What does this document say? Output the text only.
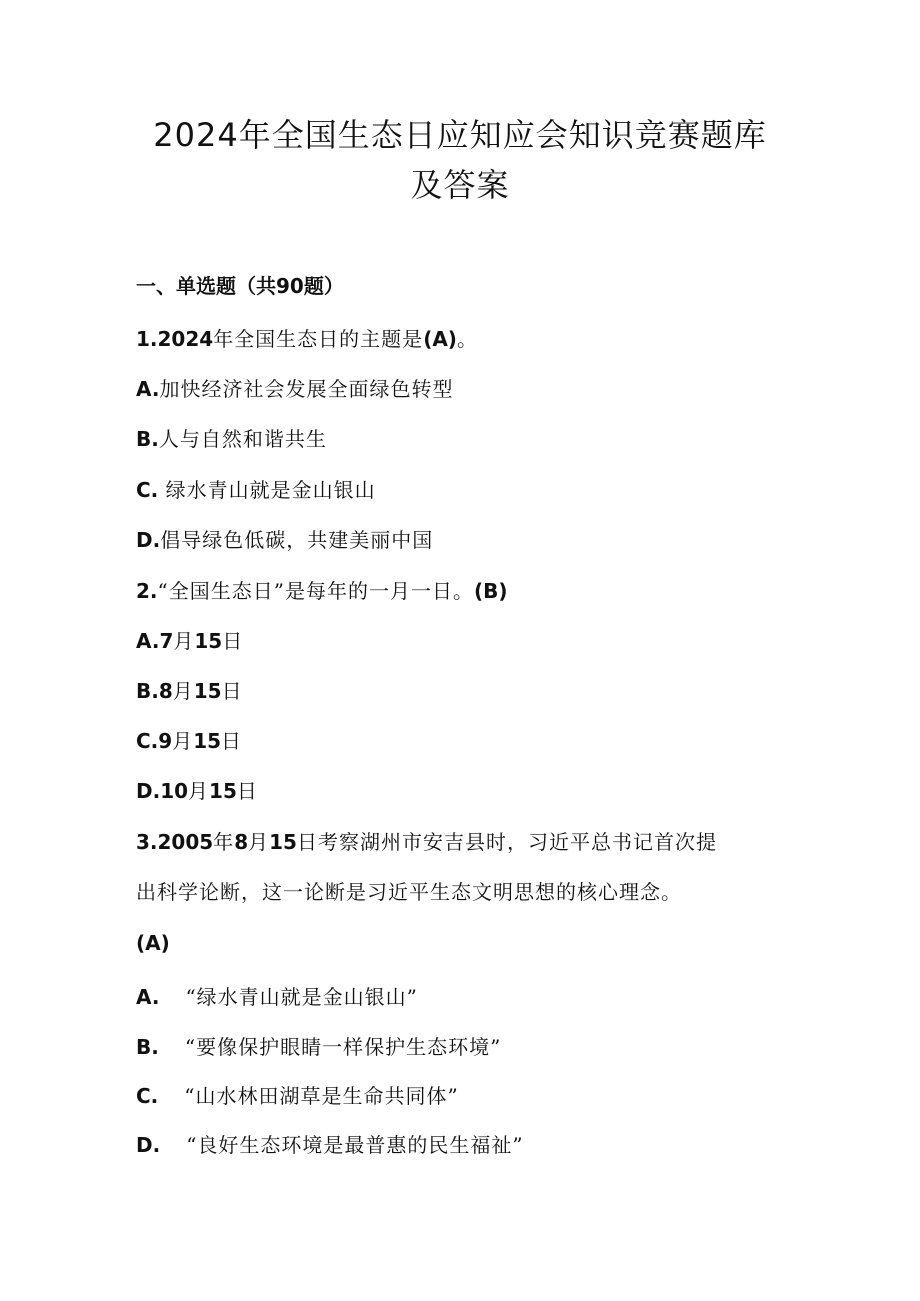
2024年全国生态日应知应会知识竞赛题库
及答案
一、单选题（共90题）
1.2024年全国生态日的主题是(A)。
A.加快经济社会发展全面绿色转型
B.人与自然和谐共生
C. 绿水青山就是金山银山
D.倡导绿色低碳，共建美丽中国
2.“全国生态日”是每年的一月一日。(B)
A.7月15日
B.8月15日
C.9月15日
D.10月15日
3.2005年8月15日考察湖州市安吉县时，习近平总书记首次提
出科学论断，这一论断是习近平生态文明思想的核心理念。
(A)
A. “绿水青山就是金山银山”
B. “要像保护眼睛一样保护生态环境”
C. “山水林田湖草是生命共同体”
D. “良好生态环境是最普惠的民生福祉”
